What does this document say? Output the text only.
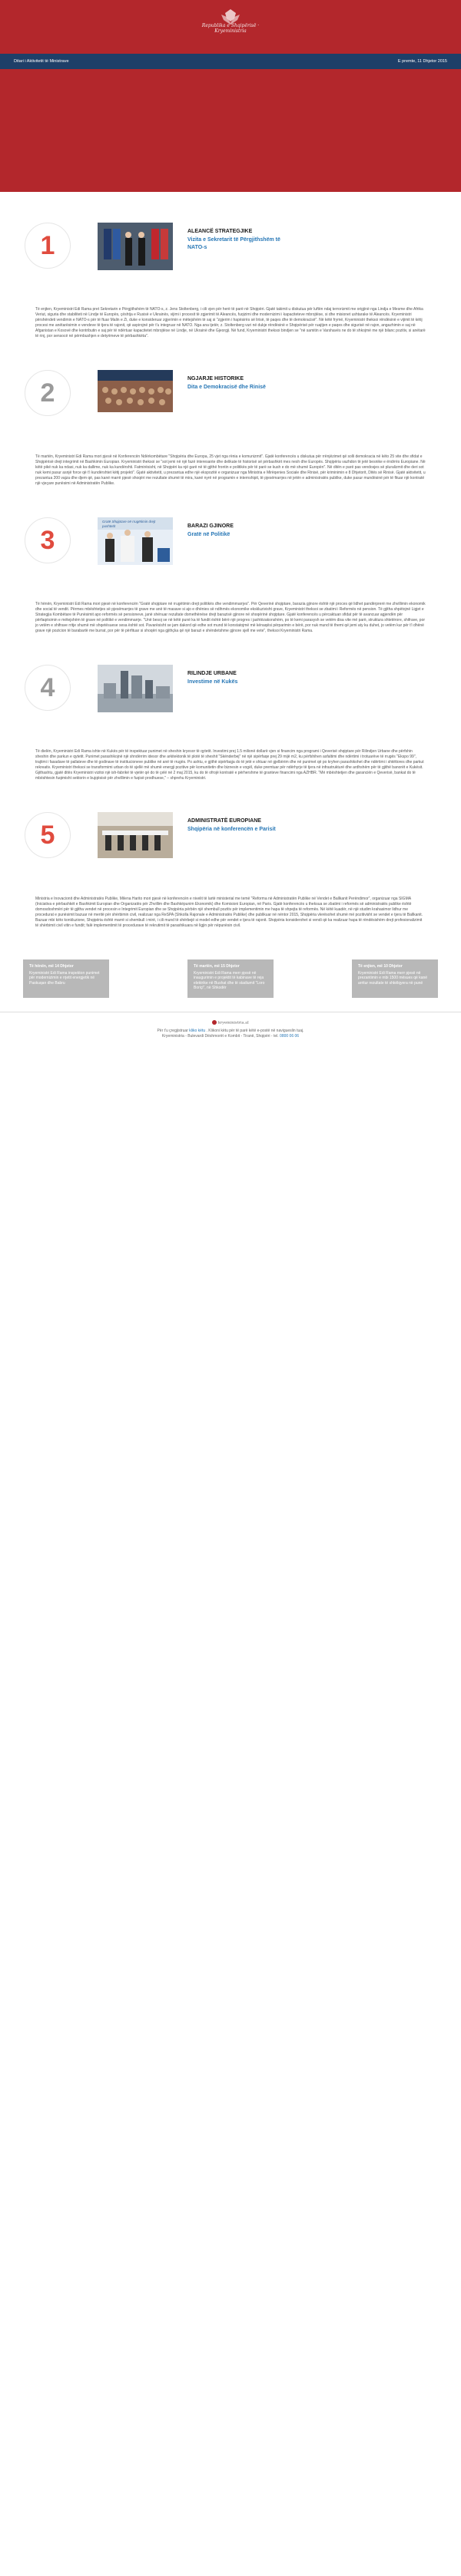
Ditari i Aktivitetit të Ministrave	E premte, 11 Dhjetor 2015
Republika e Shqipërisë · Kryeministria
1	ALEANCË STRATEGJIKE
Vizita e Sekretarit të Përgjithshëm të NATO-s

Të enjten, Kryeministri Edi Rama pret Sekretarin e Përgjithshëm të NATO-s, z. Jens Stoltenberg, i cili vjen për herë të parë në Shqipëri. Gjatë takimit u diskutua për luftën ndaj terrorizmit me origjinë nga Lindja e Mesme dhe Afrika Veriut, siguria dhe stabiliteti në Lindje të Europës, çështja e Rusisë e Ukrainës, vijimi i procesit të zgjerimit të Aleancës, fuqizimi dhe modernizimi i kapaciteteve mbrojtëse, si dhe misionet ushtarake të Aleancës. Kryeministri përshëndeti vendimin e NATO-s për të ftuar Malin e Zi, duke e konsideruar zgjerimin e mëtejshëm të saj si "zgjerim i hapësirës së lirisë, të paqes dhe të demokracisë". Në këtë frymë, Kryeministri theksoi rëndësinë e vijimit të këtij procesi me anëtarësimin e vendeve të tjera të rajonit, që aspirojnë për t'u integruar në NATO. Nga ana tjetër, z. Stoltenberg vuri në dukje rëndësinë e Shqipërisë për ruajtjen e paqes dhe sigurisë në rajon, angazhimin e saj në Afganistan e Kosovë dhe kontributin e saj për të ndërtuar kapacitetet mbrojtëse në Lindje, në Ukrainë dhe Gjeorgji. Në fund, Kryeministri theksoi bindjen se "në samitin e Varshavës ne do të shkojmë me një bilanc pozitiv, si anëtarë të rinj, por sensocë në përmbushjen e detyrimeve të përbashkëta".

2	NGJARJE HISTORIKE
Dita e Demokracisë dhe Rinisë

Të martën, Kryeministri Edi Rama mori pjesë në Konferencën Ndërkombëtare "Shqipëria dhe Europa, 25 vjet nga rënia e komunizmit". Gjatë konferencës u diskutua për rrënjëzimet që solli demokracia në këto 25 vite dhe sfidat e Shqipërisë drejt integrimit në Bashkimin Europian. Kryeministri theksoi se "sot jemi në një fazë interesante dhe delikate të historisë së përbashkët mes nesh dhe Europës. Shqipëria vazhdon të jetë besnike e ëndrrës Europiane. Në këtë pikë nuk ka ndasi, nuk ka dallime, nuk ka kundërshti. Fatmirësisht, në Shqipëri ka një garë në të gjithë frontin e politikës për të parë se kush e do më shumë Europën". Në ditën e parë pas vendosjes së pluralizmit dhe deri sot nuk kemi pasur asnjë force që t'i kundërshtet këtij projekti". Gjatë aktivitetit, u prezantua edhe një ekspozitë e organizuar nga Ministria e Mirëqenies Sociale dhe Rinisë, për kriminimin e 8 Dhjetorit, Ditës së Rinisë. Gjatë aktivitetit, u prezantua 200 vajza dhe djem që, pas kanë marrë pjesë shoqëri me rezultate shumë të mira, kanë nyrë në programin e internshipit, të pjesëmarrjes në jetën e administratës publike, duke pasur mundësinë për të fituar një kontratë një vjeçare punësimi në Administratën Publike.

3
Gratë Shqiptare në rrugëtimin drejt pushtetit	BARAZI GJINORE
Gratë në Politikë

Të hënën, Kryeministri Edi Rama mori pjesë në konferencën "Gratë shqiptare në rrugëtimin drejt politikës dhe vendimmarrjes". Për Qeverinë shqiptare, barazia gjinore është një proces që lidhet pandërprerë me zhvillimin ekonomik dhe social të vendit. Përmes mbështetjes së pjesëmarrjes të grave me anë të masave si ajo e dhënies së ndihmës ekonomike ekskluzivisht grave, Kryeministri theksoi se zbatimi i Reformës në pension. Të gjitha shpëtojnë Ligjet e Strategjia Kombëtare të Punësimit apo reformës së pensioneve, janë shënuar rezultate domethënëse drejt barazisë gjinore në shoqërinë shqiptare. Gjatë konferencës u përcaktuan sfidat për të avancuar agjendën për përfaqësimin e mëtejshëm të grave në politikë e vendimmarrje. "Unë besoj se në këtë punë ka të fundit është bërë një progres i jashtëzakonshëm, po të kemi parasysh se vetëm disa vite më parë, struktura shtetërore, shifrave, por jo vetëm e shifrave rritje shumë më shqetësuese sesa është sot. Pavarësisht se jam dakord që edhe sot mund të konstatojmë më kënaqësi përparimin e bërë, por nuk mund të themi që jemi aty ku duhet, jo vetëm kur për t'i dhënë grave një pozicion të barabartë me burrat, por për të përfituar si shoqëri nga gjithçka që një barazi e shëndetshme gjinore sjell me vete", theksoi Kryeministri Rama.

4	RILINDJE URBANE
Investime në Kukës

Të dielën, Kryeministri Edi Rama ishte në Kukës për të inspektuar punimet në sheshin kryesor të qytetit. Investimi prej 1.5 milionë dollarë vjen si financim nga programi i Qeverisë shqiptare për Rilindjen Urbane dhe përfshin sheshin dhe parkun e qytetit. Punimet parashikojnë një shndërrim idesor dhe arkitektonik të plotë të sheshit "Skënderbej" në një sipërfaqe prej 29 mijë m2, ku përfshihen asfaltimi dhe ndërtimi i trotuarëve të rrugës "Ekspo 99", trajtimi i fasadave të pallateve dhe të godinave të institucioneve publike në anë të rrugës. Po ashtu, e gjithë sipërfaqja do të jetë e shtuar në gjelbërim dhe në punimet që po kryhen parashikohet dhe ndërtimi i shtëttores dhe parkut rekreativ. Kryeministri theksoi se transformimi urban do të sjellë më shumë energji pozitive për komunitetin dhe biznesin e vogël, duke premtuar për ndërhyrje të tjera në infrastrukturë dhe ardhshëm për të gjithë banorët e Kukësit. Gjithashtu, gjatë ditës Kryeministri vizitoi një ish-fabrikë të vjetër që do të çelë në 2 maj 2015, ku do të ofrojë kontratë e përhershme të granteve financimi nga AZHBR. "Më mbështetjen dhe garanciën e Qeverisë, bankat do të mbështesin fuqimisht sektorin e bujqësisë për zhvillimin e fuqisë prodhuese," – shprehu Kryeministri.

5	ADMINISTRATË EUROPIANE
Shqipëria në konferencën e Parisit

Ministria e Inovacionit dhe Administratës Publike, Milena Harito mori pjesë në konferencën e nivelit të lartë ministerial me temë "Reforma në Administratën Publike në Vendet e Ballkanit Perëndimor", organizuar nga SIGMA (Iniciativa e përbashkët e Bashkimit Europian dhe Organizatës për Zhvillim dhe Bashkëpunim Ekonomik) dhe Komisioni Europian, në Paris. Gjatë konferencës u theksua se zbatimi i reformës së administratës publike është domosdoshmëri për të gjitha vendet në procesin e Integrimit Europian dhe se Shqipëria përbën një shembull pozitiv për implementimin me hapa të shpejta të reformës. Në këtë kuadër, në një studim krahasimor lidhur me procedurat e punësimit bazuar në meritë për shërbimin civil, realizuar nga ReSPA (Shkolla Rajonale e Administratës Publike) dhe publikuar në nëntor 2015, Shqipëria vlerësohet shumë më pozitivisht se vendet e tjera të Ballkanit. Bazuar mbi këto konkluzione, Shqipëria është marrë si shembull i mirë, i cili mund të shërbejë si model edhe për vendet e tjera të rajonit. Shqipëria konsiderohet si vendi që ka realizuar hapa të rëndësishëm drejt profesionalizimit të shërbimit civil vitin e fundit; falë implementimit të procedurave të rekrutimit të parashikuara në ligjin për nëpunësin civil.

Të hënën, më 14 Dhjetor
Kryeministri Edi Rama inspekton punimet për modernizimin e rrjetit energjetik në Paskuqan dhe Babru
Të martën, më 15 Dhjetor
Kryeministri Edi Rama merr pjesë në inaugurimin e projektit të kabinave të reja elektrike në Bushat dhe të stadiumit "Loro Boriçi", në Shkodër
Të enjten, më 10 Dhjetor
Kryeministri Edi Rama merr pjesë në prezantimin e mbi 1500 mësues që kanë arritur rezultate të shkëlqyera në punë
kryeministria.al
Për t'u çregjistruar kliko këtu . Klikoni këtu për të parë këtë e-postë në navigueslin tuaj.
Kryeministria - Bulevardi Dëshmorët e Kombit - Tiranë, Shqipëri - tel. 0800 06 06
